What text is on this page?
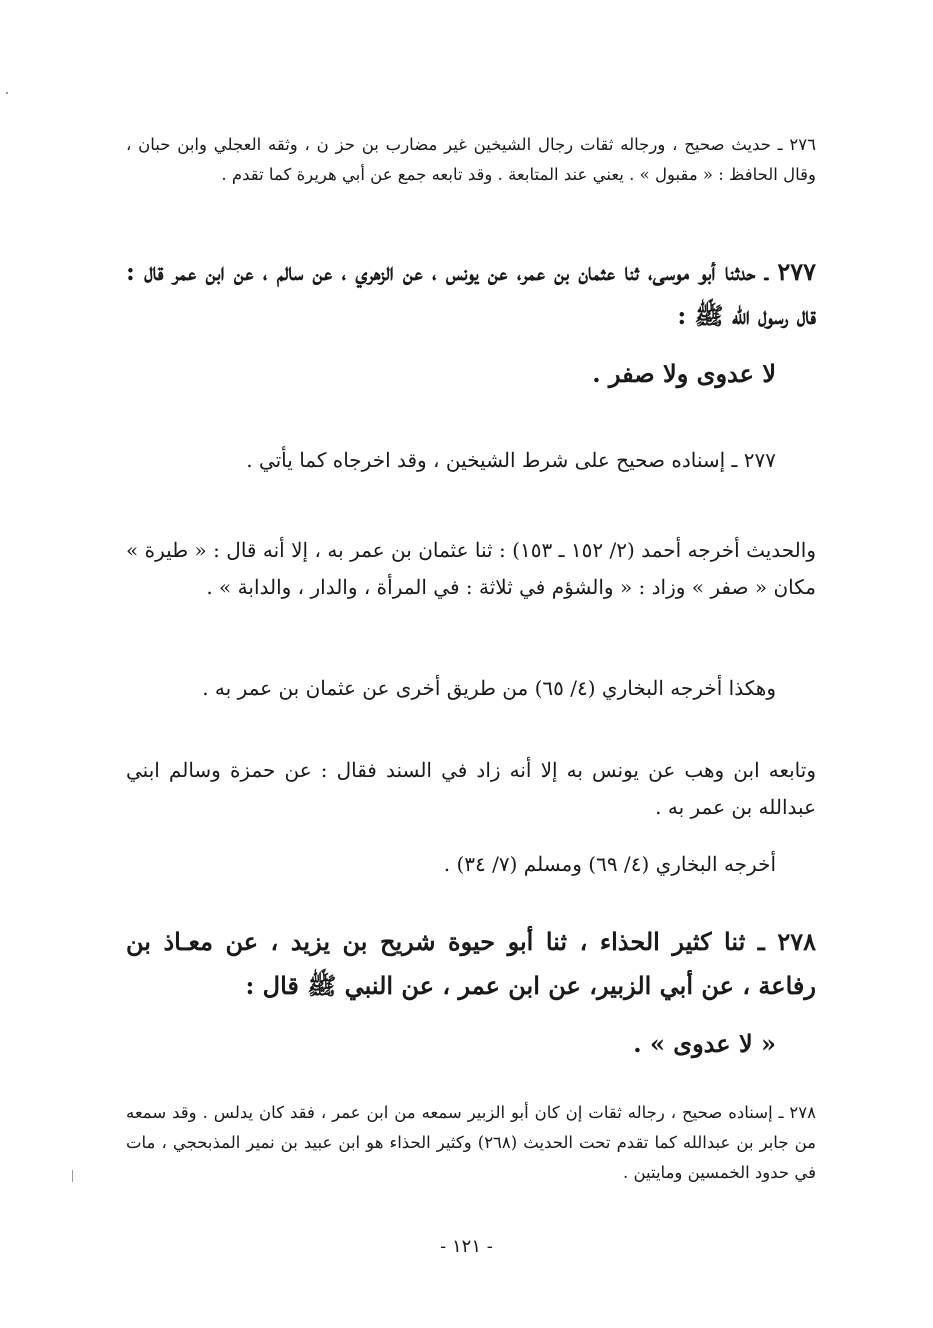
٢٧٦ ـ حديث صحيح ، ورجاله ثقات رجال الشيخين غير مضارب بن حز ن ، وثقه العجلي وابن حبان ، وقال الحافظ : « مقبول » . يعني عند المتابعة . وقد تابعه جمع عن أبي هريرة كما تقدم .

٢٧٧ ـ حدثنا أبو موسى، ثنا عثمان بن عمر، عن يونس ، عن الزهري ، عن سالم ، عن ابن عمر قال : قال رسول الله ﷺ :

لا عدوى ولا صفر .

٢٧٧ ـ إسناده صحيح على شرط الشيخين ، وقد اخرجاه كما يأتي .

والحديث أخرجه أحمد (٢/ ١٥٢ ـ ١٥٣) : ثنا عثمان بن عمر به ، إلا أنه قال : « طيرة » مكان « صفر » وزاد : « والشؤم في ثلاثة : في المرأة ، والدار ، والدابة » .

وهكذا أخرجه البخاري (٤/ ٦٥) من طريق أخرى عن عثمان بن عمر به .

وتابعه ابن وهب عن يونس به إلا أنه زاد في السند فقال : عن حمزة وسالم ابني عبدالله بن عمر به .

أخرجه البخاري (٤/ ٦٩) ومسلم (٧/ ٣٤) .

٢٧٨ ـ ثنا كثير الحذاء ، ثنا أبو حيوة شريح بن يزيد ، عن معـاذ بن رفاعة ، عن أبي الزبير، عن ابن عمر ، عن النبي ﷺ قال :

« لا عدوى » .

٢٧٨ ـ إسناده صحيح ، رجاله ثقات إن كان أبو الزبير سمعه من ابن عمر ، فقد كان يدلس . وقد سمعه من جابر بن عبدالله كما تقدم تحت الحديث (٢٦٨) وكثير الحذاء هو ابن عبيد بن نمير المذبحجي ، مات في حدود الخمسين ومايتين .

- ١٢١ -
